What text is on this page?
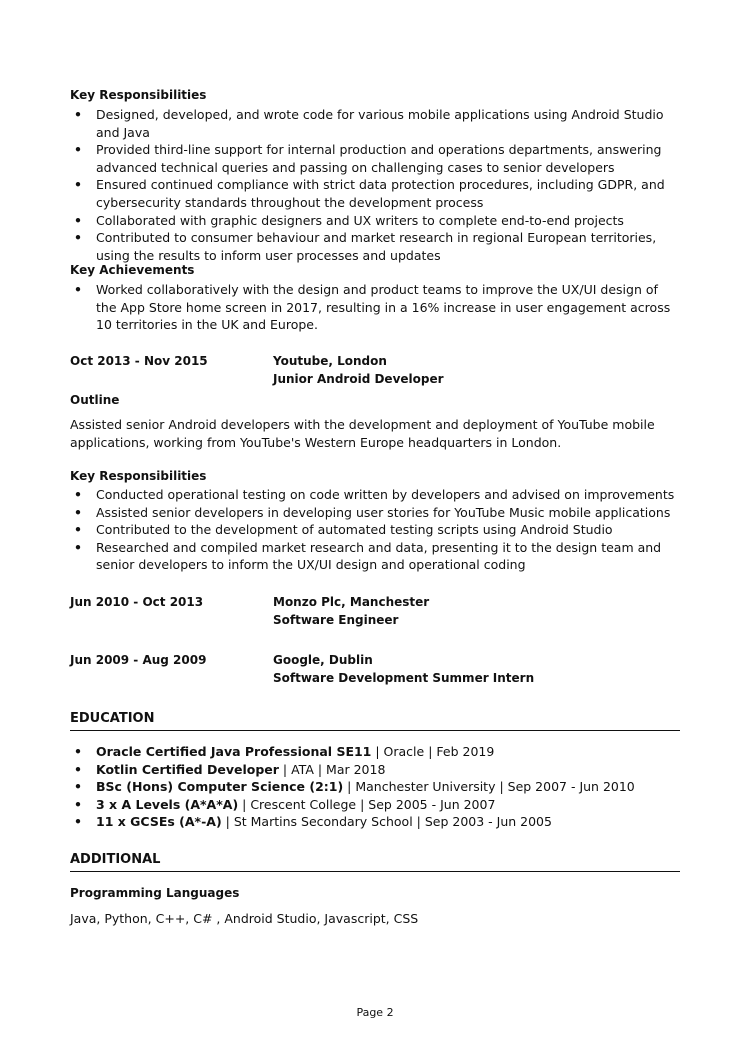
Key Responsibilities
• Designed, developed, and wrote code for various mobile applications using Android Studio and Java
• Provided third-line support for internal production and operations departments, answering advanced technical queries and passing on challenging cases to senior developers
• Ensured continued compliance with strict data protection procedures, including GDPR, and cybersecurity standards throughout the development process
• Collaborated with graphic designers and UX writers to complete end-to-end projects
• Contributed to consumer behaviour and market research in regional European territories, using the results to inform user processes and updates
Key Achievements
• Worked collaboratively with the design and product teams to improve the UX/UI design of the App Store home screen in 2017, resulting in a 16% increase in user engagement across 10 territories in the UK and Europe.
Oct 2013 - Nov 2015	Youtube, London
Junior Android Developer
Outline
Assisted senior Android developers with the development and deployment of YouTube mobile applications, working from YouTube's Western Europe headquarters in London.
Key Responsibilities
• Conducted operational testing on code written by developers and advised on improvements
• Assisted senior developers in developing user stories for YouTube Music mobile applications
• Contributed to the development of automated testing scripts using Android Studio
• Researched and compiled market research and data, presenting it to the design team and senior developers to inform the UX/UI design and operational coding
Jun 2010 - Oct 2013	Monzo Plc, Manchester
Software Engineer
Jun 2009 - Aug 2009	Google, Dublin
Software Development Summer Intern
EDUCATION
• Oracle Certified Java Professional SE11 | Oracle | Feb 2019
• Kotlin Certified Developer | ATA | Mar 2018
• BSc (Hons) Computer Science (2:1) | Manchester University | Sep 2007 - Jun 2010
• 3 x A Levels (A*A*A) | Crescent College | Sep 2005 - Jun 2007
• 11 x GCSEs (A*-A) | St Martins Secondary School | Sep 2003 - Jun 2005
ADDITIONAL
Programming Languages
Java, Python, C++, C# , Android Studio, Javascript, CSS
Page 2
